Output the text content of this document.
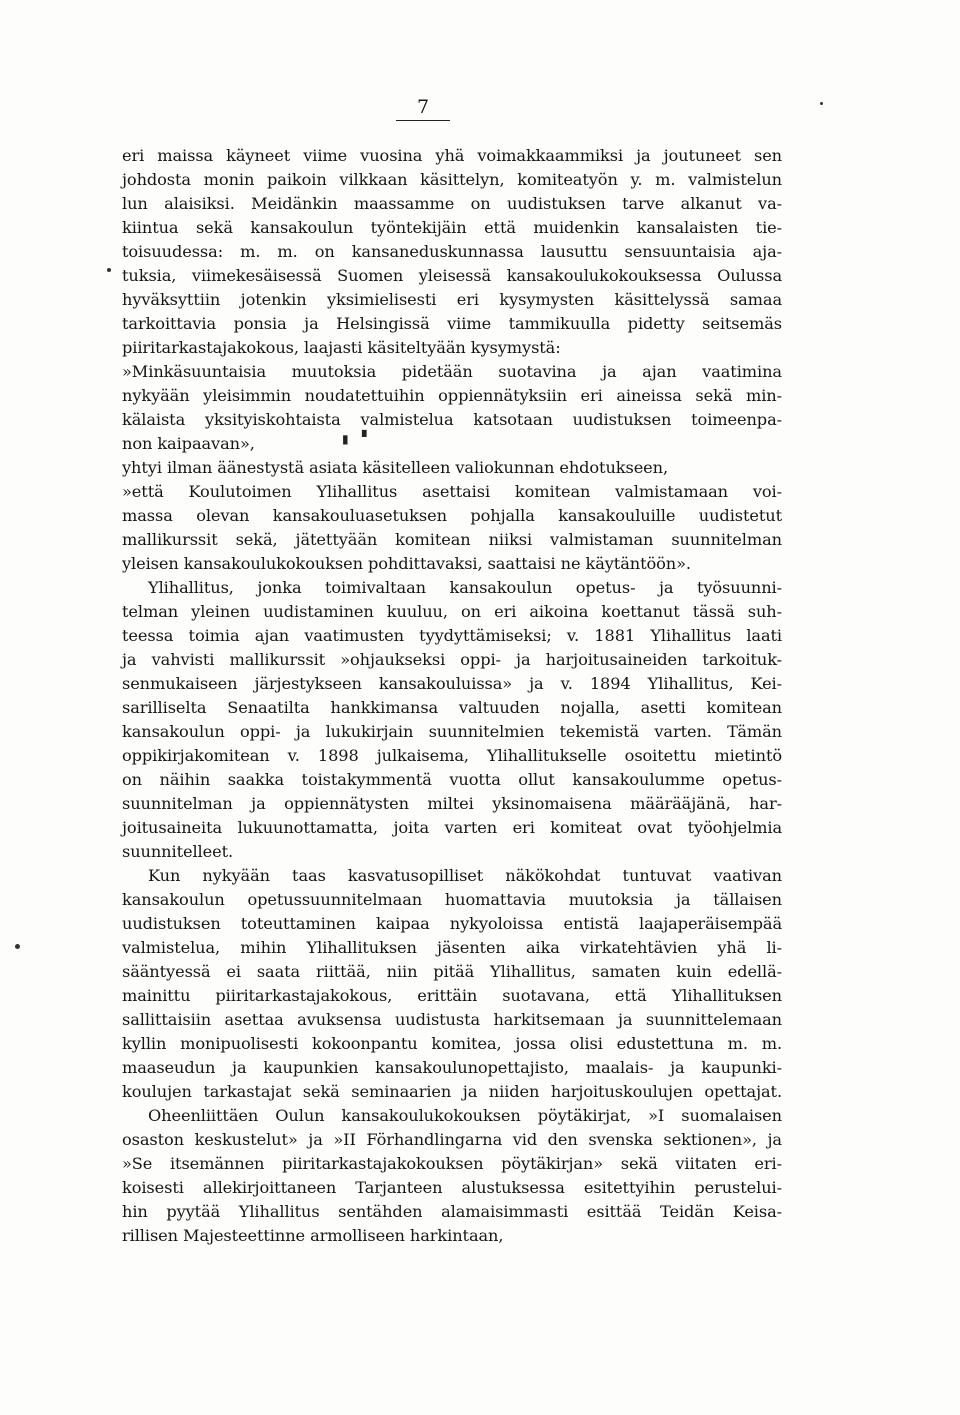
7
eri maissa käyneet viime vuosina yhä voimakkaammiksi ja joutuneet sen
johdosta monin paikoin vilkkaan käsittelyn, komiteatyön y. m. valmistelun
lun alaisiksi. Meidänkin maassamme on uudistuksen tarve alkanut va-
kiintua sekä kansakoulun työntekijäin että muidenkin kansalaisten tie-
toisuudessa: m. m. on kansaneduskunnassa lausuttu sensuuntaisia aja-
tuksia, viimekesäisessä Suomen yleisessä kansakoulukokouksessa Oulussa
hyväksyttiin jotenkin yksimielisesti eri kysymysten käsittelyssä samaa
tarkoittavia ponsia ja Helsingissä viime tammikuulla pidetty seitsemäs
piiritarkastajakokous, laajasti käsiteltyään kysymystä:
»Minkäsuuntaisia muutoksia pidetään suotavina ja ajan vaatimina
nykyään yleisimmin noudatettuihin oppiennätyksiin eri aineissa sekä min-
kälaista yksityiskohtaista valmistelua katsotaan uudistuksen toimeenpa-
non kaipaavan»,
yhtyi ilman äänestystä asiata käsitelleen valiokunnan ehdotukseen,
»että Koulutoimen Ylihallitus asettaisi komitean valmistamaan voi-
massa olevan kansakouluasetuksen pohjalla kansakouluille uudistetut
mallikurssit sekä, jätettyään komitean niiksi valmistaman suunnitelman
yleisen kansakoulukokouksen pohdittavaksi, saattaisi ne käytäntöön».
Ylihallitus, jonka toimivaltaan kansakoulun opetus- ja työsuunni-
telman yleinen uudistaminen kuuluu, on eri aikoina koettanut tässä suh-
teessa toimia ajan vaatimusten tyydyttämiseksi; v. 1881 Ylihallitus laati
ja vahvisti mallikurssit »ohjaukseksi oppi- ja harjoitusaineiden tarkoituk-
senmukaiseen järjestykseen kansakouluissa» ja v. 1894 Ylihallitus, Kei-
sarilliselta Senaatilta hankkimansa valtuuden nojalla, asetti komitean
kansakoulun oppi- ja lukukirjain suunnitelmien tekemistä varten. Tämän
oppikirjakomitean v. 1898 julkaisema, Ylihallitukselle osoitettu mietintö
on näihin saakka toistakymmentä vuotta ollut kansakoulumme opetus-
suunnitelman ja oppiennätysten miltei yksinomaisena määrääjänä, har-
joitusaineita lukuunottamatta, joita varten eri komiteat ovat työohjelmia
suunnitelleet.
Kun nykyään taas kasvatusopilliset näkökohdat tuntuvat vaativan
kansakoulun opetussuunnitelmaan huomattavia muutoksia ja tällaisen
uudistuksen toteuttaminen kaipaa nykyoloissa entistä laajaperäisempää
valmistelua, mihin Ylihallituksen jäsenten aika virkatehtävien yhä li-
sääntyessä ei saata riittää, niin pitää Ylihallitus, samaten kuin edellä-
mainittu piiritarkastajakokous, erittäin suotavana, että Ylihallituksen
sallittaisiin asettaa avuksensa uudistusta harkitsemaan ja suunnittelemaan
kyllin monipuolisesti kokoonpantu komitea, jossa olisi edustettuna m. m.
maaseudun ja kaupunkien kansakoulunopettajisto, maalais- ja kaupunki-
koulujen tarkastajat sekä seminaarien ja niiden harjoituskoulujen opettajat.
Oheenliittäen Oulun kansakoulukokouksen pöytäkirjat, »I suomalaisen
osaston keskustelut» ja »II Förhandlingarna vid den svenska sektionen», ja
»Se itsemännen piiritarkastajakokouksen pöytäkirjan» sekä viitaten eri-
koisesti allekirjoittaneen Tarjanteen alustuksessa esitettyihin perustelui-
hin pyytää Ylihallitus sentähden alamaisimmasti esittää Teidän Keisa-
rillisen Majesteettinne armolliseen harkintaan,
▮ ▘
